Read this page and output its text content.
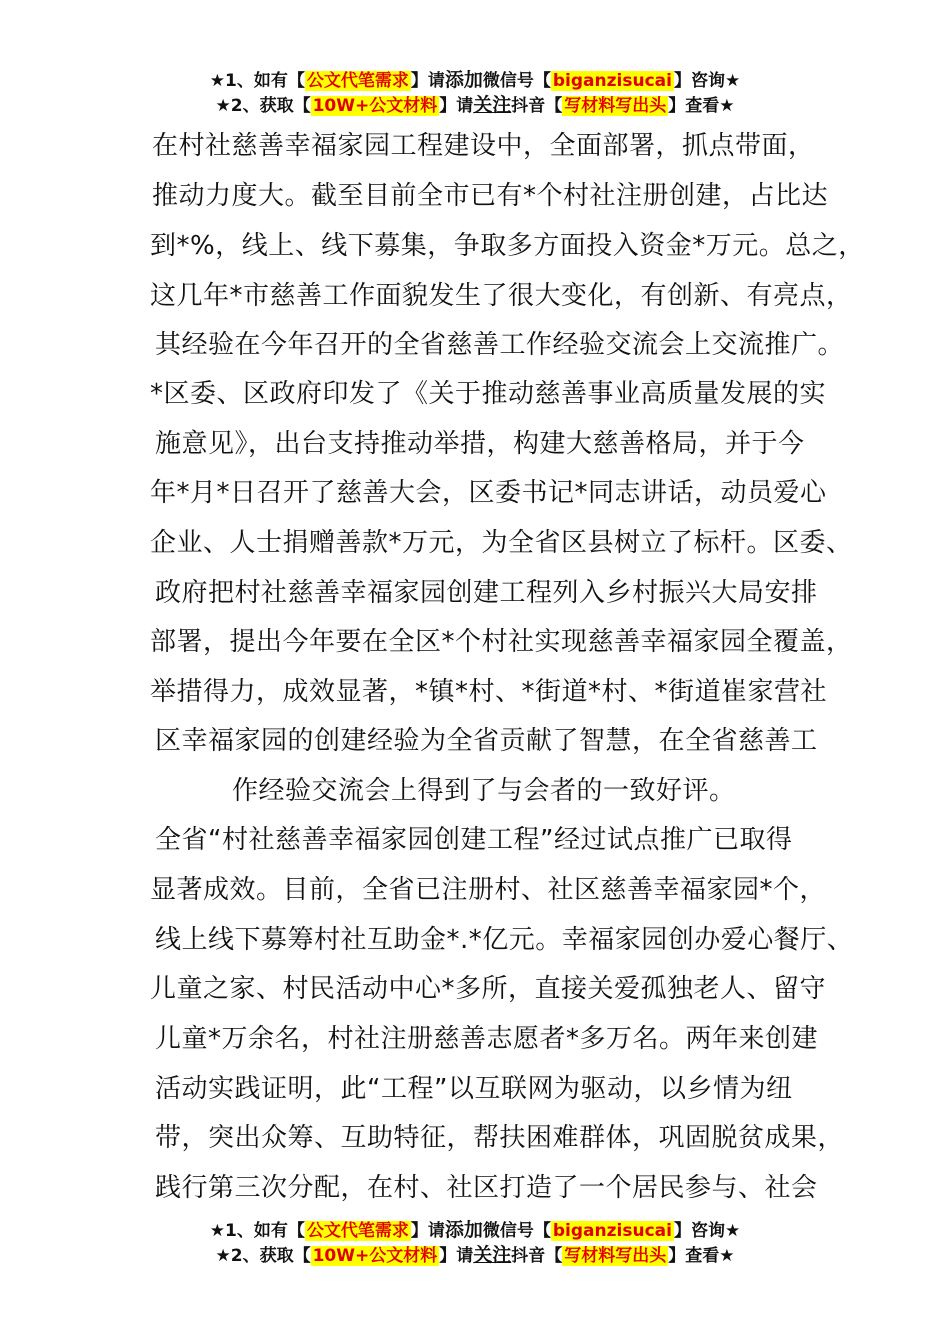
★1、如有【 公文代笔需求 】请添加微信号【 biganzisucai 】咨询★
★2、获取【 10W+公文材料 】请关注抖音【 写材料写出头 】查看★
在村社慈善幸福家园工程建设中，全面部署，抓点带面，
推动力度大。截至目前全市已有*个村社注册创建，占比达
到*%，线上、线下募集，争取多方面投入资金*万元。总之，
这几年*市慈善工作面貌发生了很大变化，有创新、有亮点，
其经验在今年召开的全省慈善工作经验交流会上交流推广。
*区委、区政府印发了《关于推动慈善事业高质量发展的实
施意见》，出台支持推动举措，构建大慈善格局，并于今
年*月*日召开了慈善大会，区委书记*同志讲话，动员爱心
企业、人士捐赠善款*万元，为全省区县树立了标杆。区委、
政府把村社慈善幸福家园创建工程列入乡村振兴大局安排
部署，提出今年要在全区*个村社实现慈善幸福家园全覆盖，
举措得力，成效显著，*镇*村、*街道*村、*街道崔家营社
区幸福家园的创建经验为全省贡献了智慧，在全省慈善工
作经验交流会上得到了与会者的一致好评。
全省“村社慈善幸福家园创建工程”经过试点推广已取得
显著成效。目前，全省已注册村、社区慈善幸福家园*个，
线上线下募筹村社互助金*.*亿元。幸福家园创办爱心餐厅、
儿童之家、村民活动中心*多所，直接关爱孤独老人、留守
儿童*万余名，村社注册慈善志愿者*多万名。两年来创建
活动实践证明，此“工程”以互联网为驱动，以乡情为纽
带，突出众筹、互助特征，帮扶困难群体，巩固脱贫成果，
践行第三次分配，在村、社区打造了一个居民参与、社会
★1、如有【 公文代笔需求 】请添加微信号【 biganzisucai 】咨询★
★2、获取【 10W+公文材料 】请关注抖音【 写材料写出头 】查看★
